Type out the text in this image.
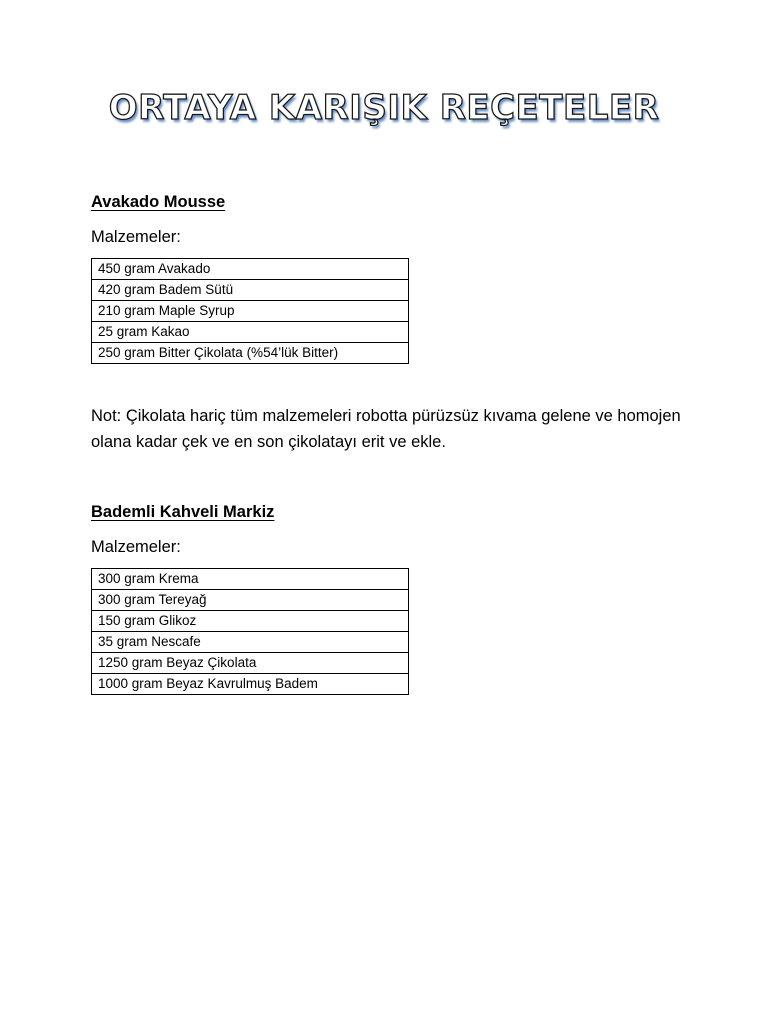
ORTAYA KARIŞIK REÇETELER
Avakado Mousse
Malzemeler:
450 gram Avakado
420 gram Badem Sütü
210 gram Maple Syrup
25 gram Kakao
250 gram Bitter Çikolata (%54’lük Bitter)
Not: Çikolata hariç tüm malzemeleri robotta pürüzsüz kıvama gelene ve homojen olana kadar çek ve en son çikolatayı erit ve ekle.
Bademli Kahveli Markiz
Malzemeler:
300 gram Krema
300 gram Tereyağ
150 gram Glikoz
35 gram Nescafe
1250 gram Beyaz Çikolata
1000 gram Beyaz Kavrulmuş Badem
